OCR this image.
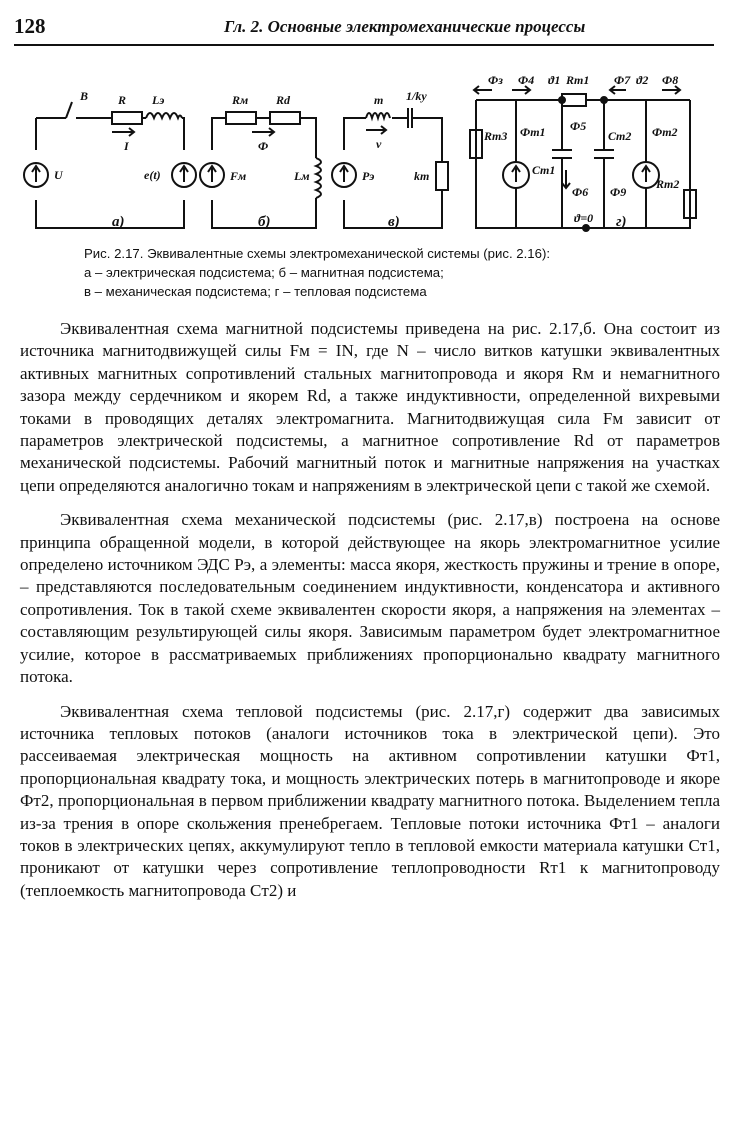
128	Гл. 2. Основные электромеханические процессы
B R Lэ
I
U	e(t)
Rм Rd
Ф
Fм	Lм
m 1/ky
v
Pэ	kт
Фз Ф4 ϑ1 Rт1 Ф7 ϑ2 Ф8
Rт3 Фт1
Cт1
Ф5
Ф6
Cт2
Ф9
Фт2
Rт2
ϑ=0
а)	б)	в)	г)
Рис. 2.17. Эквивалентные схемы электромеханической системы (рис. 2.16):
а – электрическая подсистема; б – магнитная подсистема;
в – механическая подсистема; г – тепловая подсистема

Эквивалентная схема магнитной подсистемы приведена на рис. 2.17,б. Она состоит из источника магнитодвижущей силы Fм = IN, где N – число витков катушки эквивалентных активных магнитных сопротивлений стальных магнитопровода и якоря Rм и немагнитного зазора между сердечником и якорем Rd, а также индуктивности, определенной вихревыми токами в проводящих деталях электромагнита. Магнитодвижущая сила Fм зависит от параметров электрической подсистемы, а магнитное сопротивление Rd от параметров механической подсистемы. Рабочий магнитный поток и магнитные напряжения на участках цепи определяются аналогично токам и напряжениям в электрической цепи с такой же схемой.

Эквивалентная схема механической подсистемы (рис. 2.17,в) построена на основе принципа обращенной модели, в которой действующее на якорь электромагнитное усилие определено источником ЭДС Pэ, а элементы: масса якоря, жесткость пружины и трение в опоре, – представляются последовательным соединением индуктивности, конденсатора и активного сопротивления. Ток в такой схеме эквивалентен скорости якоря, а напряжения на элементах – составляющим результирующей силы якоря. Зависимым параметром будет электромагнитное усилие, которое в рассматриваемых приближениях пропорционально квадрату магнитного потока.

Эквивалентная схема тепловой подсистемы (рис. 2.17,г) содержит два зависимых источника тепловых потоков (аналоги источников тока в электрической цепи). Это рассеиваемая электрическая мощность на активном сопротивлении катушки Фт1, пропорциональная квадрату тока, и мощность электрических потерь в магнитопроводе и якоре Фт2, пропорциональная в первом приближении квадрату магнитного потока. Выделением тепла из-за трения в опоре скольжения пренебрегаем. Тепловые потоки источника Фт1 – аналоги токов в электрических цепях, аккумулируют тепло в тепловой емкости материала катушки Cт1, проникают от катушки через сопротивление теплопроводности Rт1 к магнитопроводу (теплоемкость магнитопровода Cт2) и
